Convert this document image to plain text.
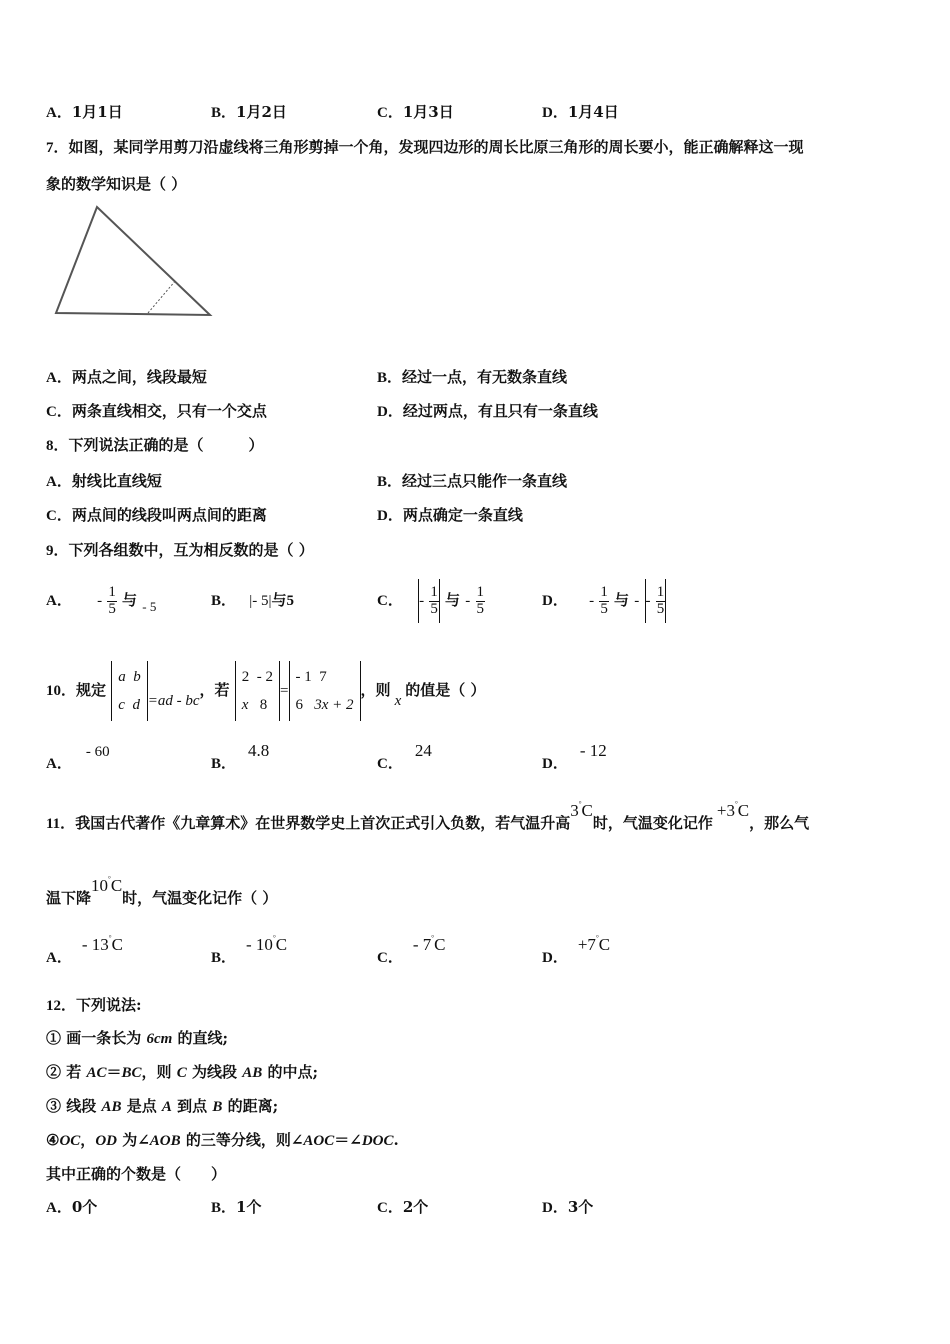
A．1月1日	B．1月2日	C．1月3日	D．1月4日
7．如图，某同学用剪刀沿虚线将三角形剪掉一个角，发现四边形的周长比原三角形的周长要小，能正确解释这一现
象的数学知识是（ ）
A．两点之间，线段最短	B．经过一点，有无数条直线
C．两条直线相交，只有一个交点	D．经过两点，有且只有一条直线
8．下列说法正确的是（　　　）
A．射线比直线短	B．经过三点只能作一条直线
C．两点间的线段叫两点间的距离	D．两点确定一条直线
9．下列各组数中，互为相反数的是（ ）
A． - $\frac{1}{5}$ 与 - 5	B． |- 5|与5	C． - $\frac{1}{5}$ 与 - $\frac{1}{5}$	D． - $\frac{1}{5}$ 与 - - $\frac{1}{5}$
10．规定
a b
c d =ad - bc，若
2 - 2
x 8
=
- 1 7
6 3x + 2
，则x的值是（ ）
A．- 60
B．4.8
C．24
D．- 12
11．我国古代著作《九章算术》在世界数学史上首次正式引入负数，若气温升高3°C时，气温变化记作+3°C，那么气
温下降10°C时，气温变化记作（ ）
A．- 13°C
B．- 10°C
C．- 7°C
D．+7°C
12．下列说法:
① 画一条长为 6cm 的直线;
② 若 AC＝BC，则 C 为线段 AB 的中点;
③ 线段 AB 是点 A 到点 B 的距离;
④OC，OD 为∠AOB 的三等分线，则∠AOC＝∠DOC.
其中正确的个数是（　　）
A．0个	B．1个	C．2个	D．3个
